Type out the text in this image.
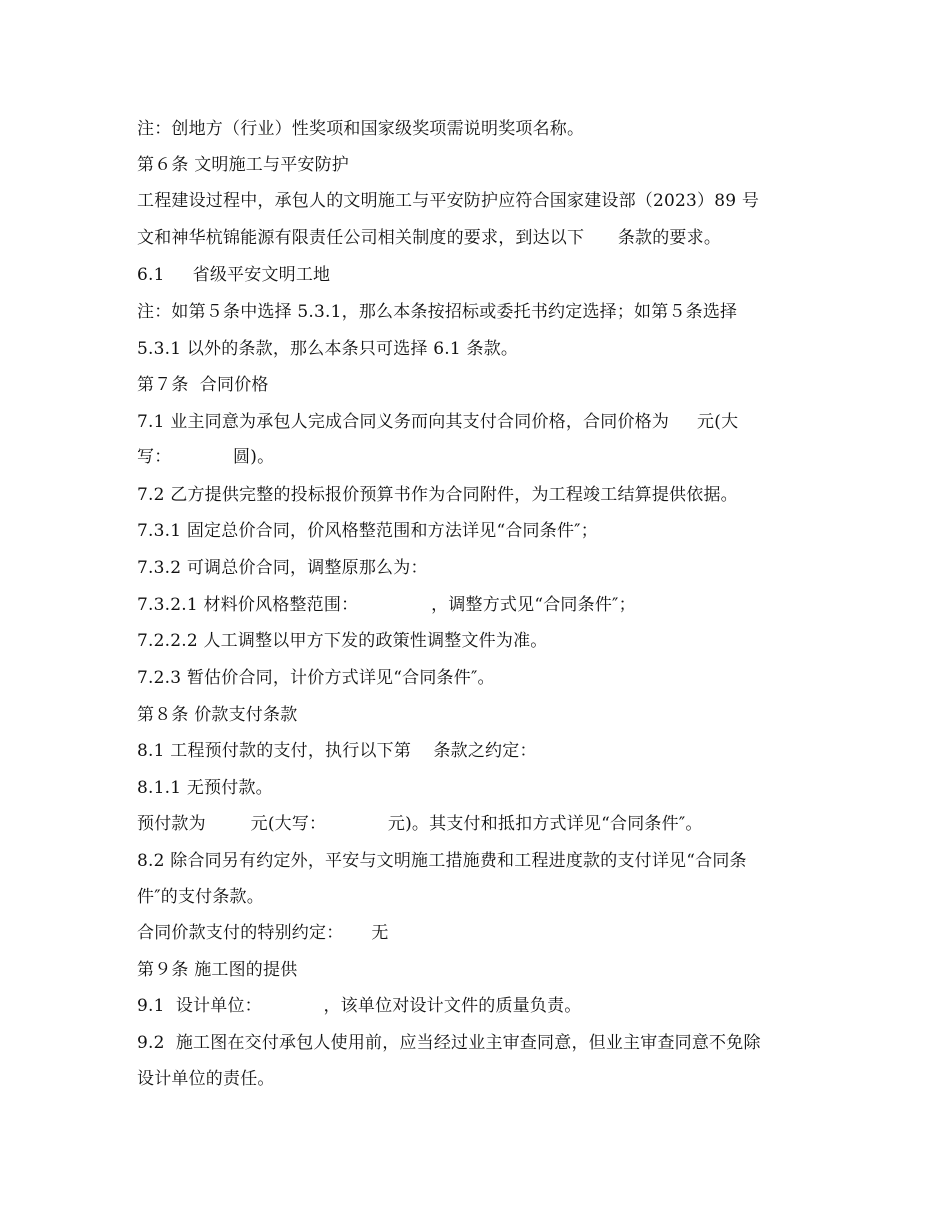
注：创地方（行业）性奖项和国家级奖项需说明奖项名称。
第６条 文明施工与平安防护
工程建设过程中，承包人的文明施工与平安防护应符合国家建设部（2023）89 号
文和神华杭锦能源有限责任公司相关制度的要求，到达以下      条款的要求。
6.1     省级平安文明工地
注：如第５条中选择 5.3.1，那么本条按招标或委托书约定选择；如第５条选择
5.3.1 以外的条款，那么本条只可选择 6.1 条款。
第７条  合同价格
7.1 业主同意为承包人完成合同义务而向其支付合同价格，合同价格为     元(大
写：           圆)。
7.2 乙方提供完整的投标报价预算书作为合同附件，为工程竣工结算提供依据。
7.3.1 固定总价合同，价风格整范围和方法详见“合同条件″；
7.3.2 可调总价合同，调整原那么为：
7.3.2.1 材料价风格整范围：             ，调整方式见“合同条件″；
7.2.2.2 人工调整以甲方下发的政策性调整文件为准。
7.2.3 暂估价合同，计价方式详见“合同条件″。
第８条 价款支付条款
8.1 工程预付款的支付，执行以下第    条款之约定：
8.1.1 无预付款。
预付款为        元(大写：           元)。其支付和抵扣方式详见“合同条件″。
8.2 除合同另有约定外，平安与文明施工措施费和工程进度款的支付详见“合同条
件″的支付条款。
合同价款支付的特别约定：     无
第９条 施工图的提供
9.1  设计单位：           ，该单位对设计文件的质量负责。
9.2  施工图在交付承包人使用前，应当经过业主审查同意，但业主审查同意不免除
设计单位的责任。
